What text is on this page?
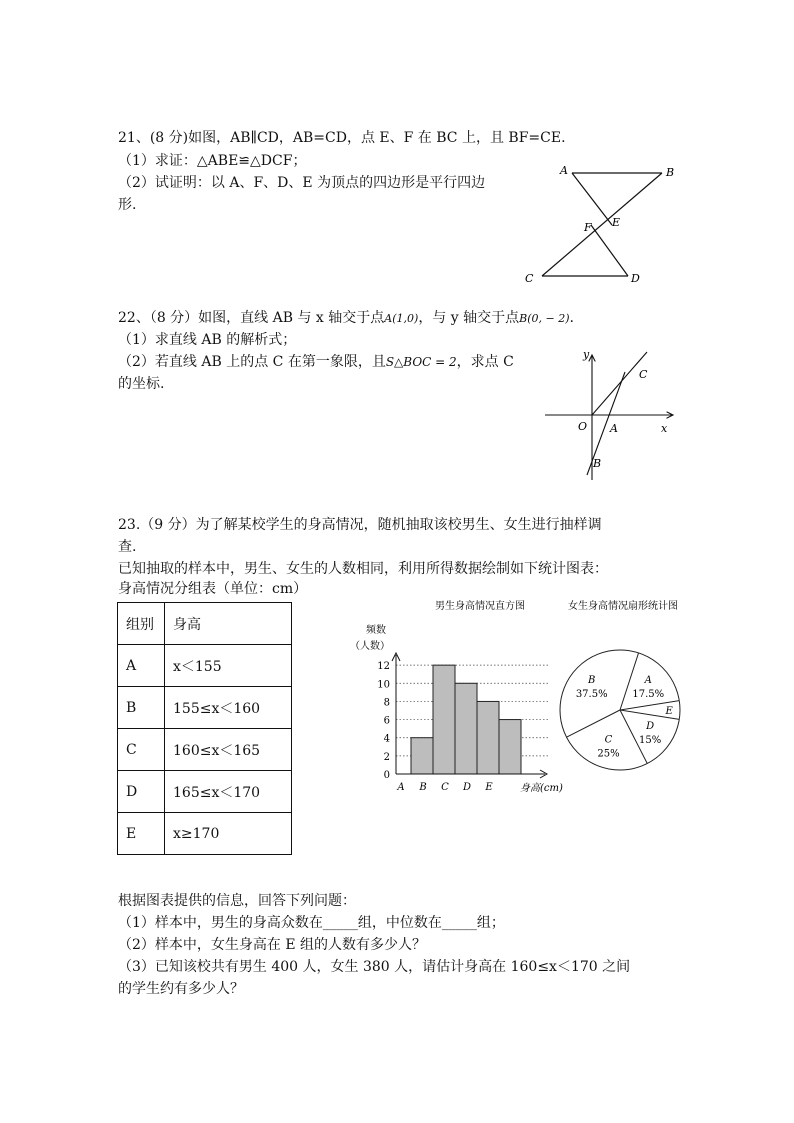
21、(8 分)如图，AB∥CD，AB=CD，点 E、F 在 BC 上，且 BF=CE.
（1）求证：△ABE≌△DCF；
（2）试证明：以 A、F、D、E 为顶点的四边形是平行四边
形.
A	B
E
F
C	D
22、（8 分）如图，直线 AB 与 x 轴交于点A(1,0)，与 y 轴交于点B(0, − 2).
（1）求直线 AB 的解析式；
（2）若直线 AB 上的点 C 在第一象限，且S△BOC = 2，求点 C
的坐标.
y
x
O A
B
C
23.（9 分）为了解某校学生的身高情况，随机抽取该校男生、女生进行抽样调
查.
已知抽取的样本中，男生、女生的人数相同，利用所得数据绘制如下统计图表：
身高情况分组表（单位：cm）
组别	身高
A	x＜155
B	155≤x＜160
C	160≤x＜165
D	165≤x＜170
E	x≥170
男生身高情况直方图
频数
（人数）
0
2
4
6
8
10
12
A B C D E	身高(cm)
女生身高情况扇形统计图
A
17.5%
E
D
15%
C
25%
B
37.5%
根据图表提供的信息，回答下列问题：
（1）样本中，男生的身高众数在_____组，中位数在_____组；
（2）样本中，女生身高在 E 组的人数有多少人？
（3）已知该校共有男生 400 人，女生 380 人，请估计身高在 160≤x＜170 之间
的学生约有多少人？
